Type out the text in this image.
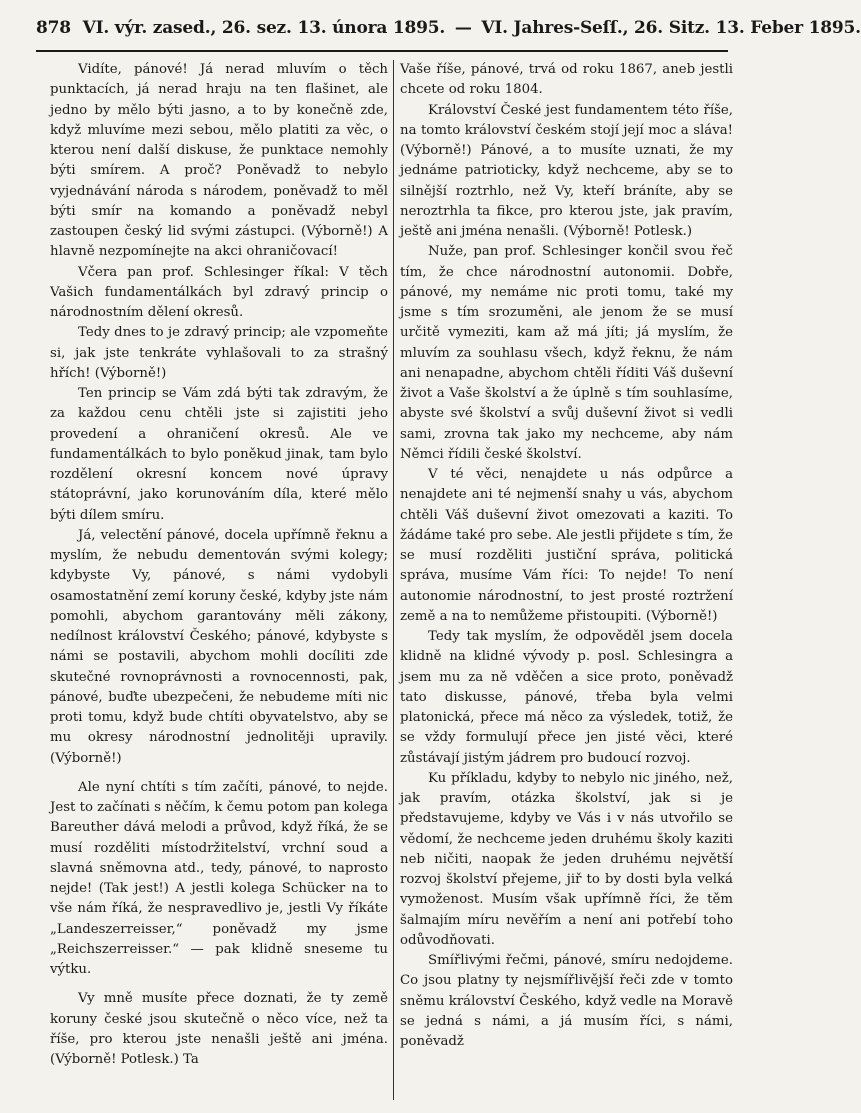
878 VI. výr. zased., 26. sez. 13. února 1895. — VI. Jahres-Seſſ., 26. Sitz. 13. Feber 1895.

Vidíte, pánové! Já nerad mluvím o těch punktacích, já nerad hraju na ten flašinet, ale jedno by mělo býti jasno, a to by konečně zde, když mluvíme mezi sebou, mělo platiti za věc, o kterou není další diskuse, že punktace nemohly býti smírem. A proč? Poněvadž to nebylo vyjednávání národa s národem, poněvadž to měl býti smír na komando a poněvadž nebyl zastoupen český lid svými zástupci. (Výborně!) A hlavně nezpomínejte na akci ohraničovací!

Včera pan prof. Schlesinger říkal: V těch Vašich fundamentálkách byl zdravý princip o národnostním dělení okresů.

Tedy dnes to je zdravý princip; ale vzpomeňte si, jak jste tenkráte vyhlašovali to za strašný hřích! (Výborně!)

Ten princip se Vám zdá býti tak zdravým, že za každou cenu chtěli jste si zajistiti jeho provedení a ohraničení okresů. Ale ve fundamentálkách to bylo poněkud jinak, tam bylo rozdělení okresní koncem nové úpravy státoprávní, jako korunováním díla, které mělo býti dílem smíru.

Já, velectění pánové, docela upřímně řeknu a myslím, že nebudu dementován svými kolegy; kdybyste Vy, pánové, s námi vydobyli osamostatnění zemí koruny české, kdyby jste nám pomohli, abychom garantovány měli zákony, nedílnost království Českého; pánové, kdybyste s námi se postavili, abychom mohli docíliti zde skutečné rovnoprávnosti a rovnocennosti, pak, pánové, buďte ubezpečeni, že nebudeme míti nic proti tomu, když bude chtíti obyvatelstvo, aby se mu okresy národnostní jednolitěji upravily. (Výborně!)

Ale nyní chtíti s tím začíti, pánové, to nejde. Jest to začínati s něčím, k čemu potom pan kolega Bareuther dává melodi a průvod, když říká, že se musí rozděliti místodržitelství, vrchní soud a slavná sněmovna atd., tedy, pánové, to naprosto nejde! (Tak jest!) A jestli kolega Schücker na to vše nám říká, že nespravedlivo je, jestli Vy říkáte „Landeszerreisser,“ poněvadž my jsme „Reichszerreisser.“ — pak klidně sneseme tu výtku.

Vy mně musíte přece doznati, že ty země koruny české jsou skutečně o něco více, než ta říše, pro kterou jste nenašli ještě ani jména. (Výborně! Potlesk.) Ta

Vaše říše, pánové, trvá od roku 1867, aneb jestli chcete od roku 1804.

Království České jest fundamentem této říše, na tomto království českém stojí její moc a sláva! (Výborně!) Pánové, a to musíte uznati, že my jednáme patrioticky, když nechceme, aby se to silnější roztrhlo, než Vy, kteří bráníte, aby se neroztrhla ta fikce, pro kterou jste, jak pravím, ještě ani jména nenašli. (Výborně! Potlesk.)

Nuže, pan prof. Schlesinger končil svou řeč tím, že chce národnostní autonomii. Dobře, pánové, my nemáme nic proti tomu, také my jsme s tím srozuměni, ale jenom že se musí určitě vymeziti, kam až má jíti; já myslím, že mluvím za souhlasu všech, když řeknu, že nám ani nenapadne, abychom chtěli říditi Váš duševní život a Vaše školství a že úplně s tím souhlasíme, abyste své školství a svůj duševní život si vedli sami, zrovna tak jako my nechceme, aby nám Němci řídili české školství.

V té věci, nenajdete u nás odpůrce a nenajdete ani té nejmenší snahy u vás, abychom chtěli Váš duševní život omezovati a kaziti. To žádáme také pro sebe. Ale jestli přijdete s tím, že se musí rozděliti justiční správa, politická správa, musíme Vám říci: To nejde! To není autonomie národnostní, to jest prosté roztržení země a na to nemůžeme přistoupiti. (Výborně!)

Tedy tak myslím, že odpověděl jsem docela klidně na klidné vývody p. posl. Schlesingra a jsem mu za ně vděčen a sice proto, poněvadž tato diskusse, pánové, třeba byla velmi platonická, přece má něco za výsledek, totiž, že se vždy formulují přece jen jisté věci, které zůstávají jistým jádrem pro budoucí rozvoj.

Ku příkladu, kdyby to nebylo nic jiného, než, jak pravím, otázka školství, jak si je představujeme, kdyby ve Vás i v nás utvořilo se vědomí, že nechceme jeden druhému školy kaziti neb ničiti, naopak že jeden druhému největší rozvoj školství přejeme, jiř to by dosti byla velká vymoženost. Musím však upřímně říci, že těm šalmajím míru nevěřím a není ani potřebí toho odůvodňovati.

Smířlivými řečmi, pánové, smíru nedojdeme. Co jsou platny ty nejsmířlivější řeči zde v tomto sněmu království Českého, když vedle na Moravě se jedná s námi, a já musím říci, s námi, poněvadž
